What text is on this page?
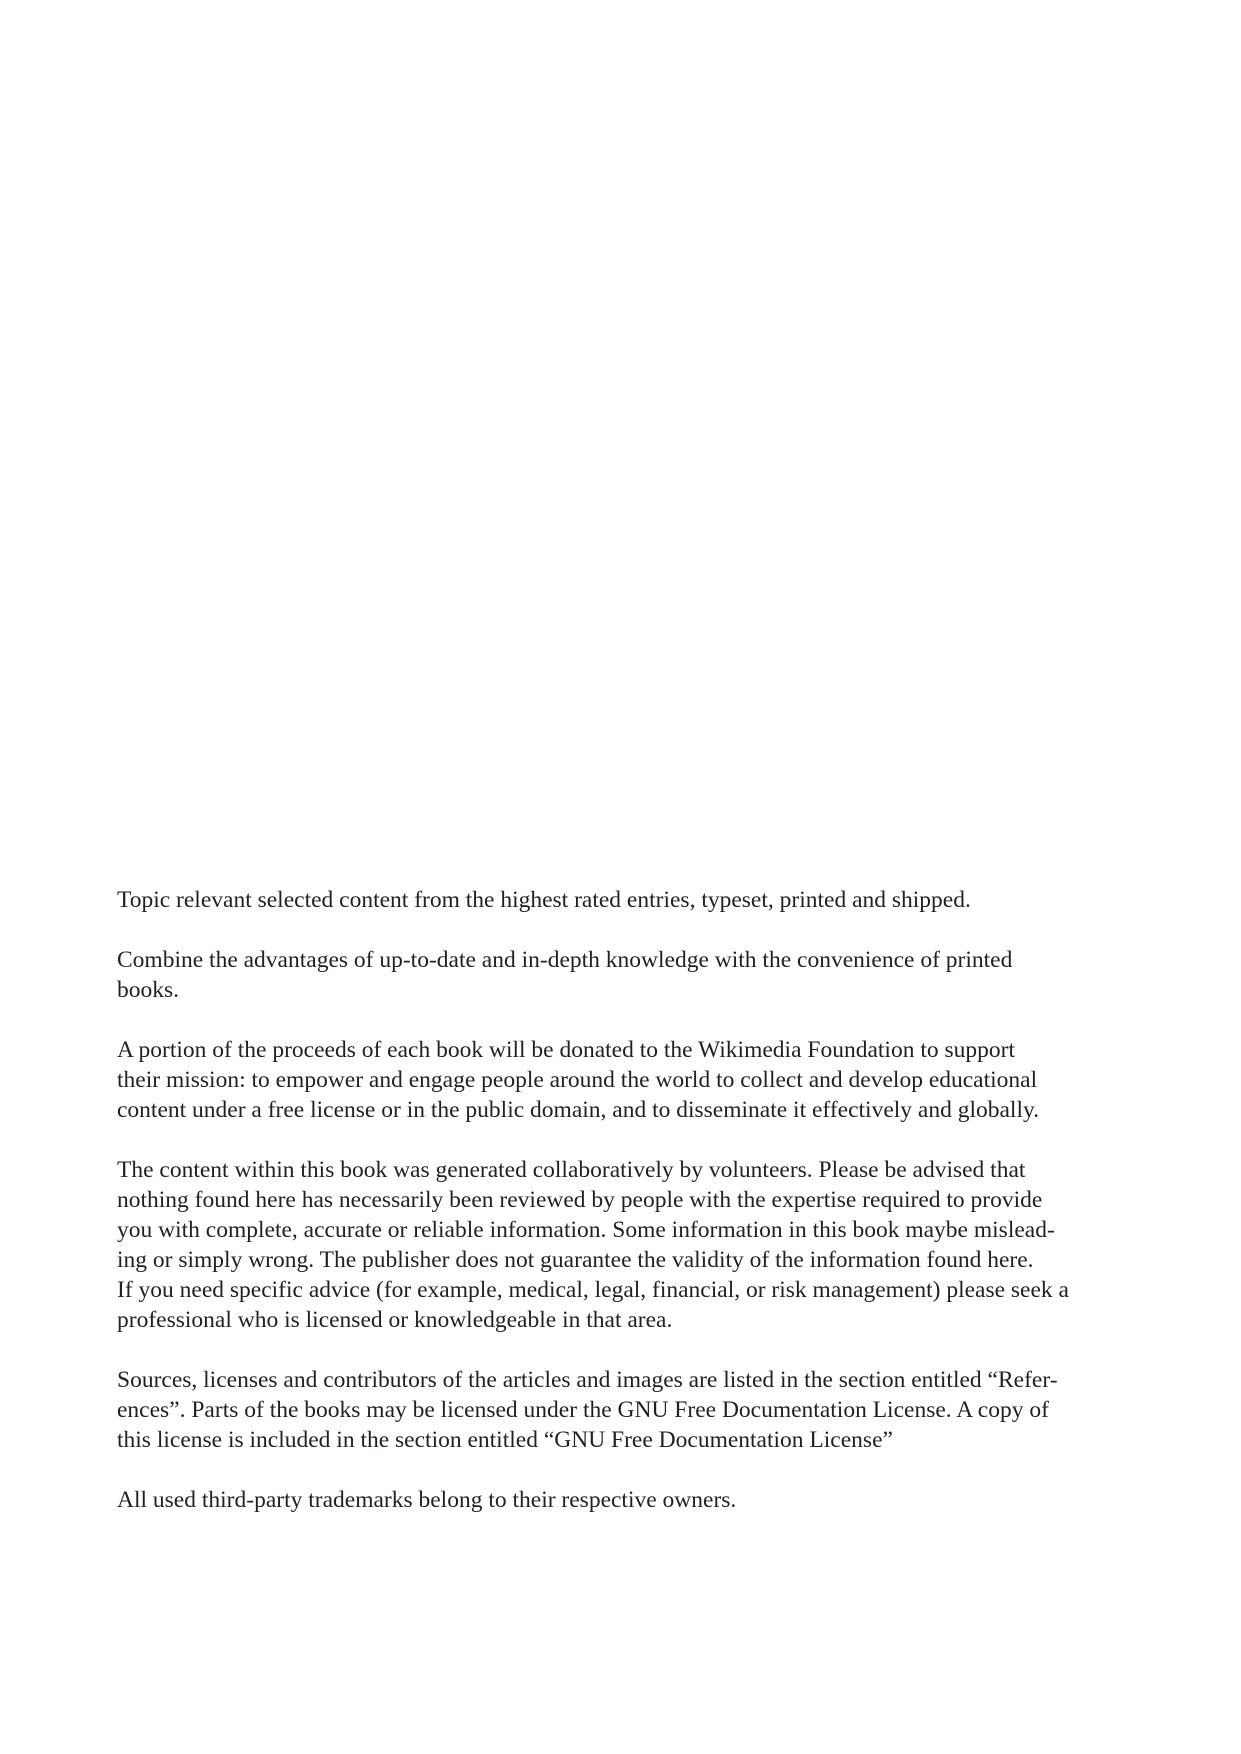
Topic relevant selected content from the highest rated entries, typeset, printed and shipped.

Combine the advantages of up-to-date and in-depth knowledge with the convenience of printed
books.

A portion of the proceeds of each book will be donated to the Wikimedia Foundation to support
their mission: to empower and engage people around the world to collect and develop educational
content under a free license or in the public domain, and to disseminate it effectively and globally.

The content within this book was generated collaboratively by volunteers. Please be advised that
nothing found here has necessarily been reviewed by people with the expertise required to provide
you with complete, accurate or reliable information. Some information in this book maybe mislead-
ing or simply wrong. The publisher does not guarantee the validity of the information found here.
If you need specific advice (for example, medical, legal, financial, or risk management) please seek a
professional who is licensed or knowledgeable in that area.

Sources, licenses and contributors of the articles and images are listed in the section entitled “Refer-
ences”. Parts of the books may be licensed under the GNU Free Documentation License. A copy of
this license is included in the section entitled “GNU Free Documentation License”

All used third-party trademarks belong to their respective owners.
